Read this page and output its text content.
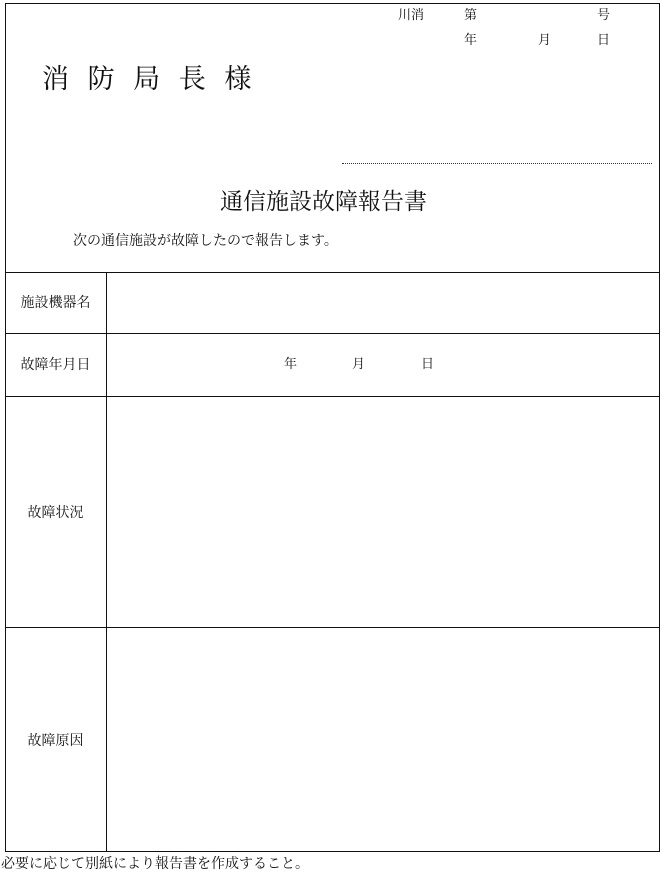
川消	第	号
年	月	日
消 防 局 長 様
通信施設故障報告書
次の通信施設が故障したので報告します。
施設機器名
故障年月日	年	月	日
故障状況
故障原因
必要に応じて別紙により報告書を作成すること。
